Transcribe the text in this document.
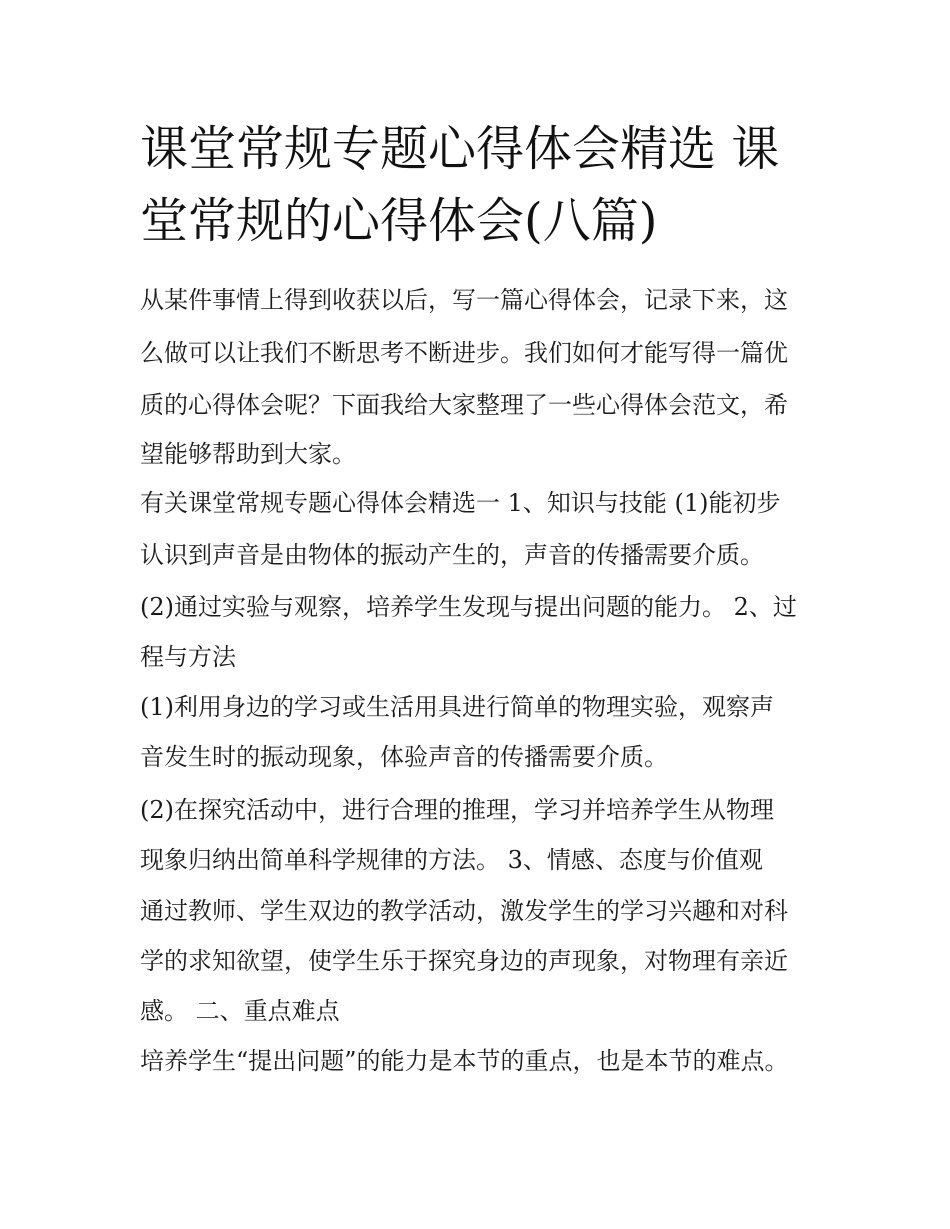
课堂常规专题心得体会精选 课堂常规的心得体会(八篇)

从某件事情上得到收获以后，写一篇心得体会，记录下来，这

么做可以让我们不断思考不断进步。我们如何才能写得一篇优

质的心得体会呢？下面我给大家整理了一些心得体会范文，希

望能够帮助到大家。

有关课堂常规专题心得体会精选一 1、知识与技能 (1)能初步

认识到声音是由物体的振动产生的，声音的传播需要介质。

(2)通过实验与观察，培养学生发现与提出问题的能力。 2、过

程与方法

(1)利用身边的学习或生活用具进行简单的物理实验，观察声

音发生时的振动现象，体验声音的传播需要介质。

(2)在探究活动中，进行合理的推理，学习并培养学生从物理

现象归纳出简单科学规律的方法。 3、情感、态度与价值观

通过教师、学生双边的教学活动，激发学生的学习兴趣和对科

学的求知欲望，使学生乐于探究身边的声现象，对物理有亲近

感。 二、重点难点

培养学生“提出问题”的能力是本节的重点，也是本节的难点。
